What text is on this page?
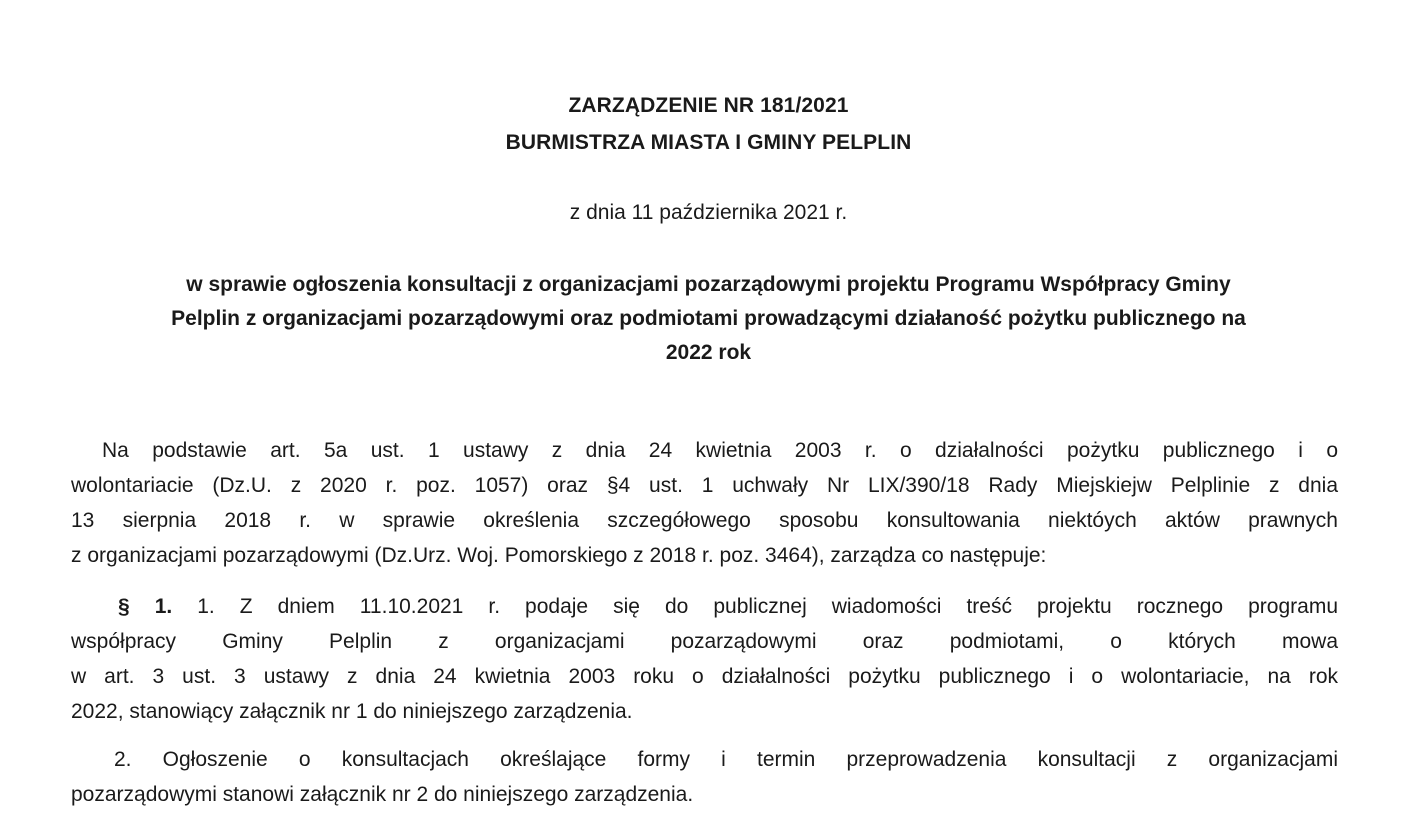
ZARZĄDZENIE NR 181/2021
BURMISTRZA MIASTA I GMINY PELPLIN
z dnia 11 października 2021 r.
w sprawie ogłoszenia konsultacji z organizacjami pozarządowymi projektu Programu Współpracy Gminy
Pelplin z organizacjami pozarządowymi oraz podmiotami prowadzącymi działaność pożytku publicznego na
2022 rok
Na podstawie art. 5a ust. 1 ustawy z dnia 24 kwietnia 2003 r. o działalności pożytku publicznego i o
wolontariacie (Dz.U. z 2020 r. poz. 1057) oraz §4 ust. 1 uchwały Nr LIX/390/18 Rady Miejskiejw Pelplinie z dnia
13 sierpnia 2018 r. w sprawie określenia szczegółowego sposobu konsultowania niektóych aktów prawnych
z organizacjami pozarządowymi (Dz.Urz. Woj. Pomorskiego z 2018 r. poz. 3464), zarządza co następuje:
§ 1. 1. Z dniem 11.10.2021 r. podaje się do publicznej wiadomości treść projektu rocznego programu
współpracy Gminy Pelplin z organizacjami pozarządowymi oraz podmiotami, o których mowa
w art. 3 ust. 3 ustawy z dnia 24 kwietnia 2003 roku o działalności pożytku publicznego i o wolontariacie, na rok
2022, stanowiący załącznik nr 1 do niniejszego zarządzenia.
2. Ogłoszenie o konsultacjach określające formy i termin przeprowadzenia konsultacji z organizacjami
pozarządowymi stanowi załącznik nr 2 do niniejszego zarządzenia.
